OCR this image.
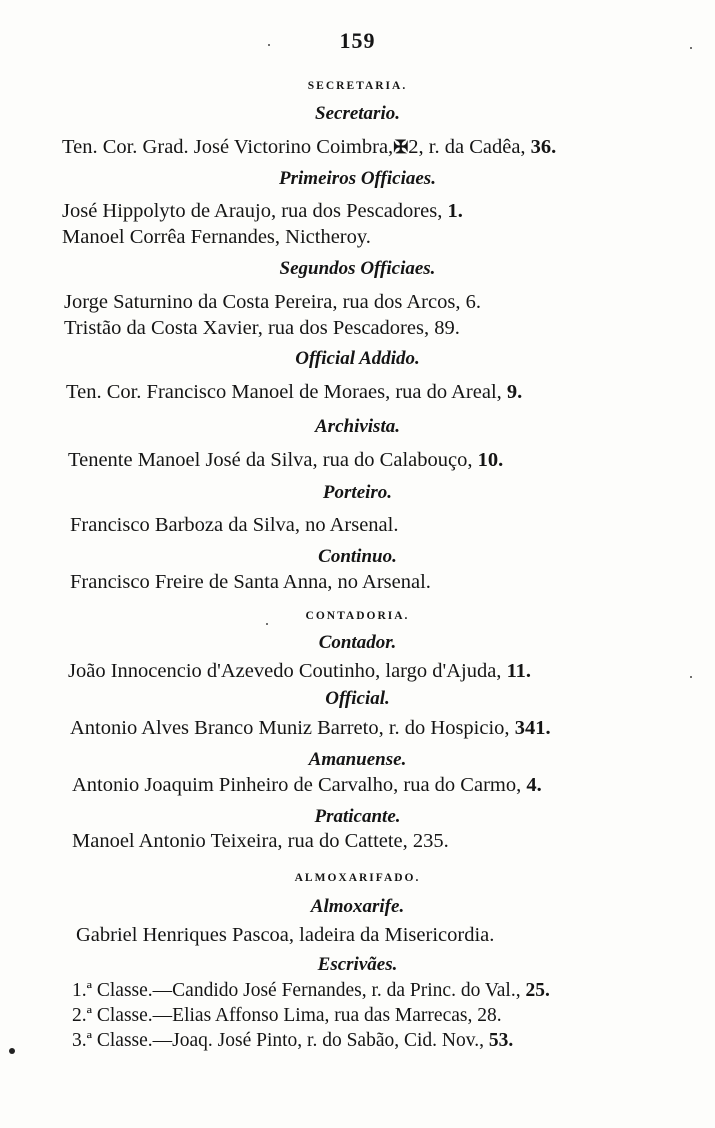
159
SECRETARIA.
Secretario.
Ten. Cor. Grad. José Victorino Coimbra,✠2, r. da Cadêa, 36.
Primeiros Officiaes.
José Hippolyto de Araujo, rua dos Pescadores, 1.
Manoel Corrêa Fernandes, Nictheroy.
Segundos Officiaes.
Jorge Saturnino da Costa Pereira, rua dos Arcos, 6.
Tristão da Costa Xavier, rua dos Pescadores, 89.
Official Addido.
Ten. Cor. Francisco Manoel de Moraes, rua do Areal, 9.
Archivista.
Tenente Manoel José da Silva, rua do Calabouço, 10.
Porteiro.
Francisco Barboza da Silva, no Arsenal.
Continuo.
Francisco Freire de Santa Anna, no Arsenal.
CONTADORIA.
Contador.
João Innocencio d'Azevedo Coutinho, largo d'Ajuda, 11.
Official.
Antonio Alves Branco Muniz Barreto, r. do Hospicio, 341.
Amanuense.
Antonio Joaquim Pinheiro de Carvalho, rua do Carmo, 4.
Praticante.
Manoel Antonio Teixeira, rua do Cattete, 235.
ALMOXARIFADO.
Almoxarife.
Gabriel Henriques Pascoa, ladeira da Misericordia.
Escrivães.
1.ª Classe.—Candido José Fernandes, r. da Princ. do Val., 25.
2.ª Classe.—Elias Affonso Lima, rua das Marrecas, 28.
3.ª Classe.—Joaq. José Pinto, r. do Sabão, Cid. Nov., 53.
